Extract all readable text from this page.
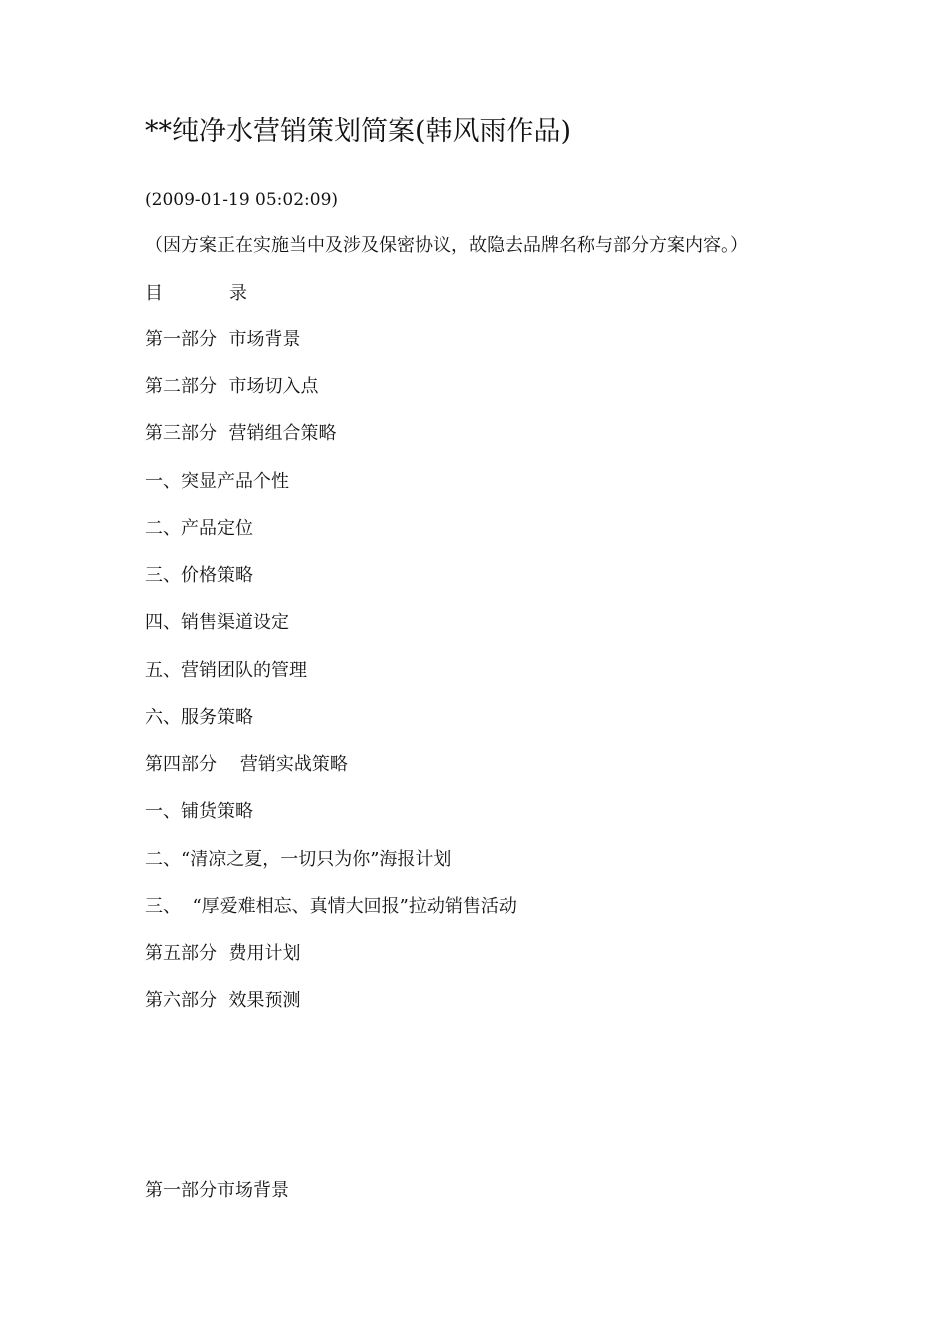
**纯净水营销策划简案(韩风雨作品)
(2009-01-19 05:02:09)
（因方案正在实施当中及涉及保密协议，故隐去品牌名称与部分方案内容。）
目	录
第一部分  市场背景
第二部分  市场切入点
第三部分  营销组合策略
一、突显产品个性
二、产品定位
三、价格策略
四、销售渠道设定
五、营销团队的管理
六、服务策略
第四部分    营销实战策略
一、铺货策略
二、“清凉之夏，一切只为你”海报计划
三、  “厚爱难相忘、真情大回报”拉动销售活动
第五部分  费用计划
第六部分  效果预测
第一部分市场背景
